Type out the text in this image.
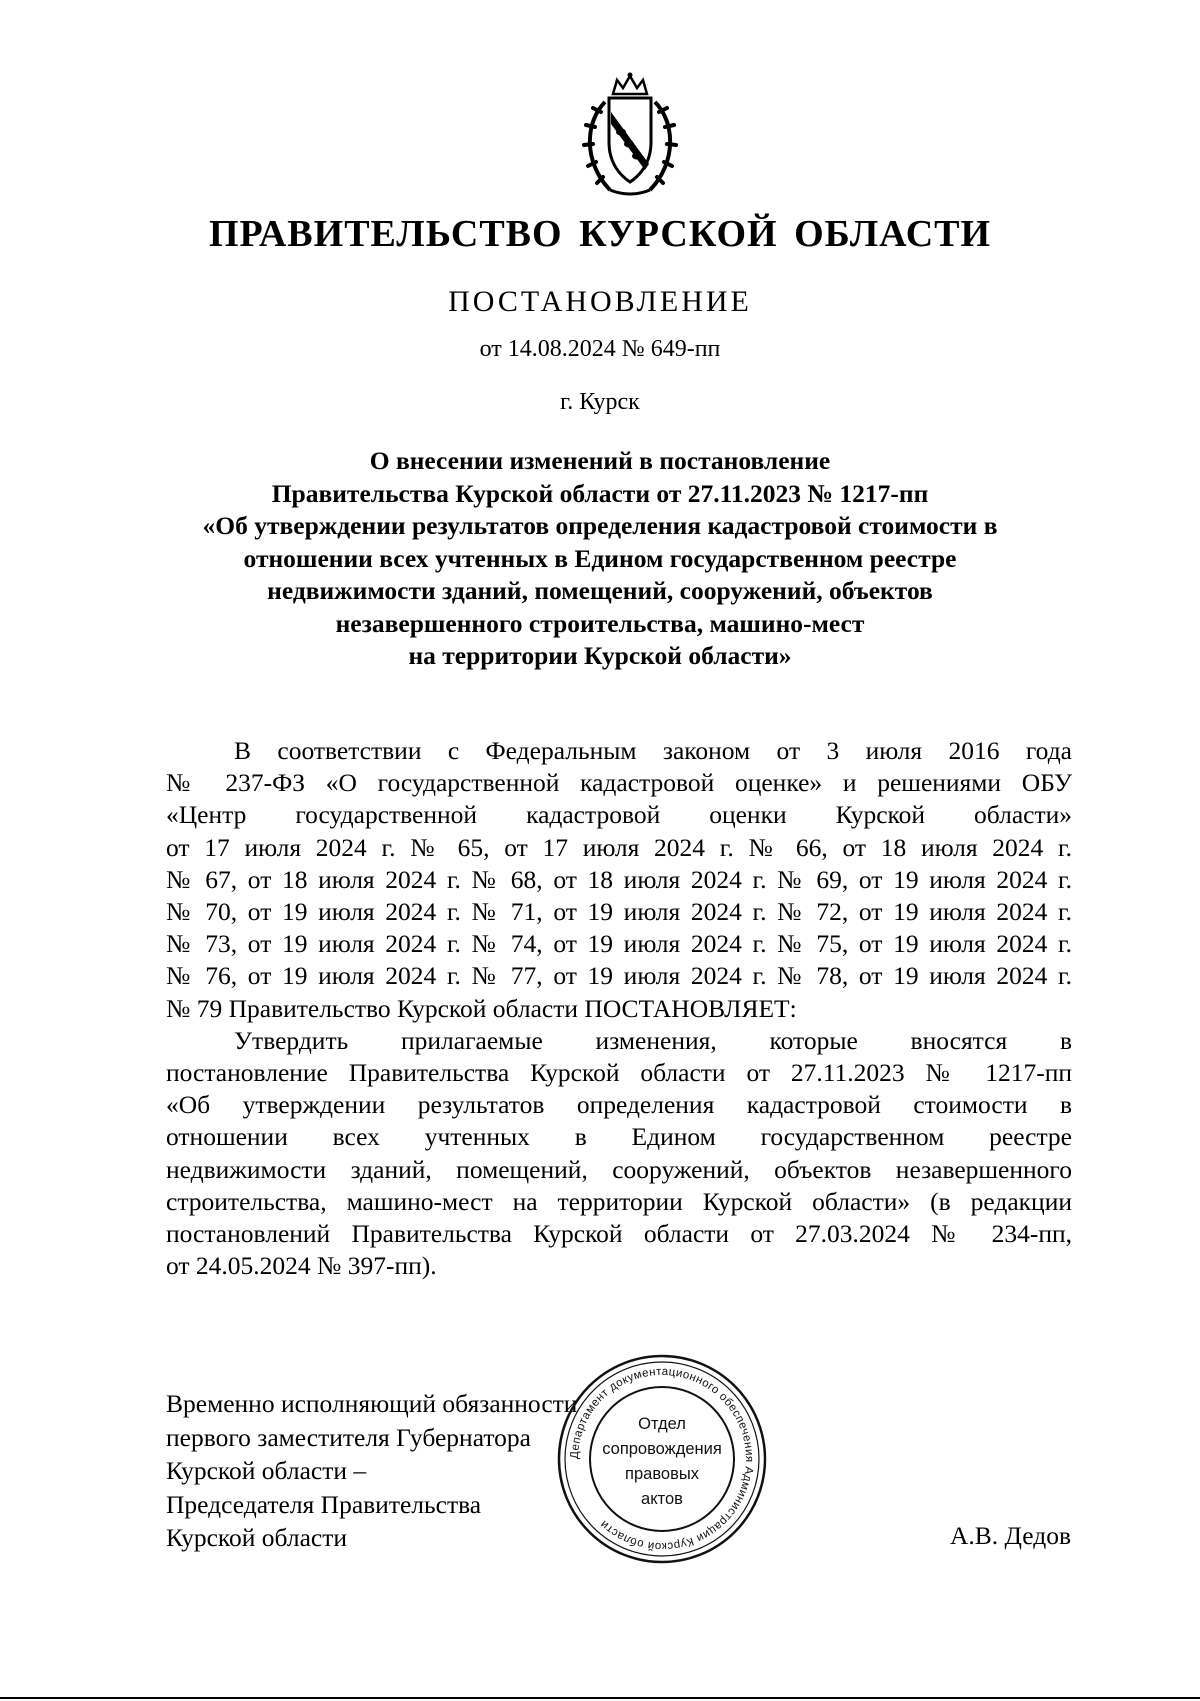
ПРАВИТЕЛЬСТВО КУРСКОЙ ОБЛАСТИ
ПОСТАНОВЛЕНИЕ
от 14.08.2024 № 649-пп
г. Курск
О внесении изменений в постановление
Правительства Курской области от 27.11.2023 № 1217-пп
«Об утверждении результатов определения кадастровой стоимости в
отношении всех учтенных в Едином государственном реестре
недвижимости зданий, помещений, сооружений, объектов
незавершенного строительства, машино-мест
на территории Курской области»
В соответствии с Федеральным законом от 3 июля 2016 года
№ 237-ФЗ «О государственной кадастровой оценке» и решениями ОБУ
«Центр государственной кадастровой оценки Курской области»
от 17 июля 2024 г. № 65, от 17 июля 2024 г. № 66, от 18 июля 2024 г.
№ 67, от 18 июля 2024 г. № 68, от 18 июля 2024 г. № 69, от 19 июля 2024 г.
№ 70, от 19 июля 2024 г. № 71, от 19 июля 2024 г. № 72, от 19 июля 2024 г.
№ 73, от 19 июля 2024 г. № 74, от 19 июля 2024 г. № 75, от 19 июля 2024 г.
№ 76, от 19 июля 2024 г. № 77, от 19 июля 2024 г. № 78, от 19 июля 2024 г.
№ 79 Правительство Курской области ПОСТАНОВЛЯЕТ:
Утвердить прилагаемые изменения, которые вносятся в
постановление Правительства Курской области от 27.11.2023 № 1217-пп
«Об утверждении результатов определения кадастровой стоимости в
отношении всех учтенных в Едином государственном реестре
недвижимости зданий, помещений, сооружений, объектов незавершенного
строительства, машино-мест на территории Курской области» (в редакции
постановлений Правительства Курской области от 27.03.2024 № 234-пп,
от 24.05.2024 № 397-пп).
Временно исполняющий обязанности
первого заместителя Губернатора
Курской области –
Председателя Правительства
Курской области	А.В. Дедов
Департамент документационного обеспечения Администрации Курской области
Отдел
сопровождения
правовых
актов
